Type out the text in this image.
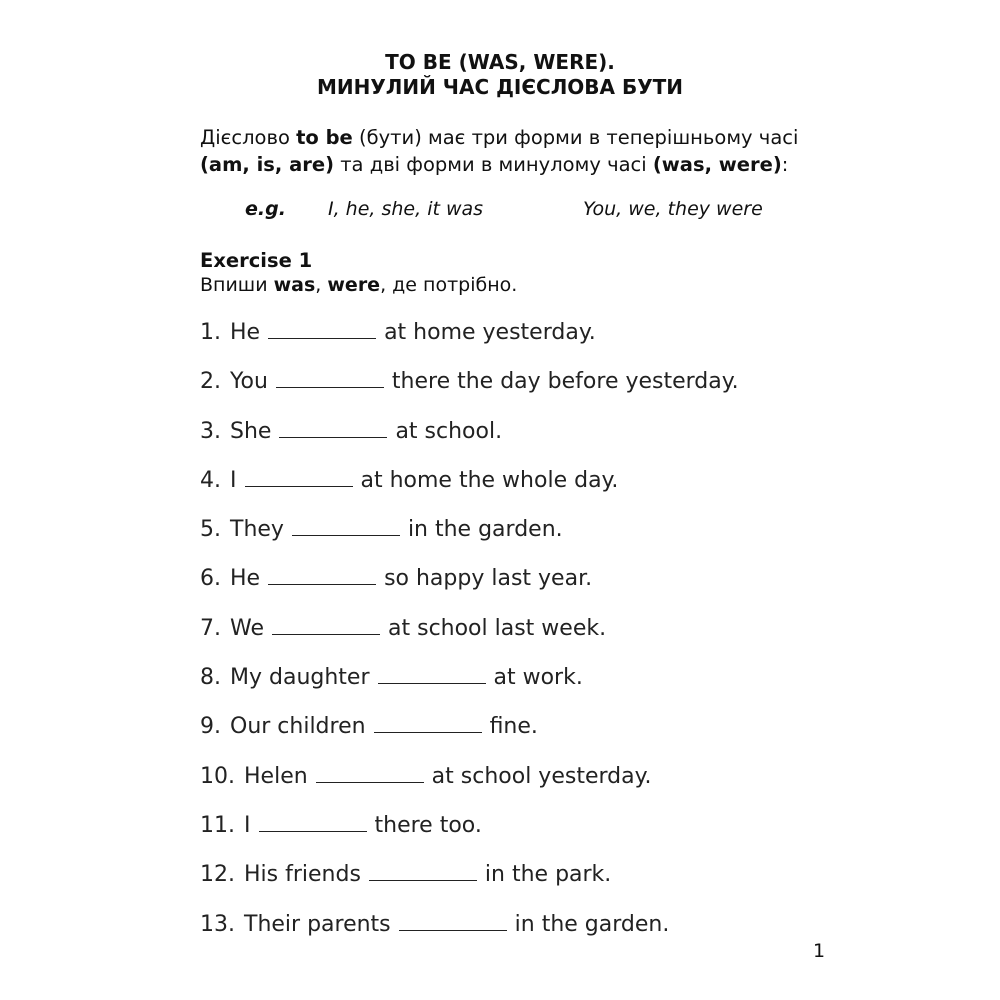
TO BE (WAS, WERE).
МИНУЛИЙ ЧАС ДІЄСЛОВА БУТИ
Дієслово to be (бути) має три форми в теперішньому часі (am, is, are) та дві форми в минулому часі (was, were):
e.g. I, he, she, it was	You, we, they were
Exercise 1
Впиши was, were, де потрібно.
1. He	at home yesterday.
2. You	there the day before yesterday.
3. She	at school.
4. I	at home the whole day.
5. They	in the garden.
6. He	so happy last year.
7. We	at school last week.
8. My daughter	at work.
9. Our children	fine.
10. Helen	at school yesterday.
11. I	there too.
12. His friends	in the park.
13. Their parents	in the garden.
1
